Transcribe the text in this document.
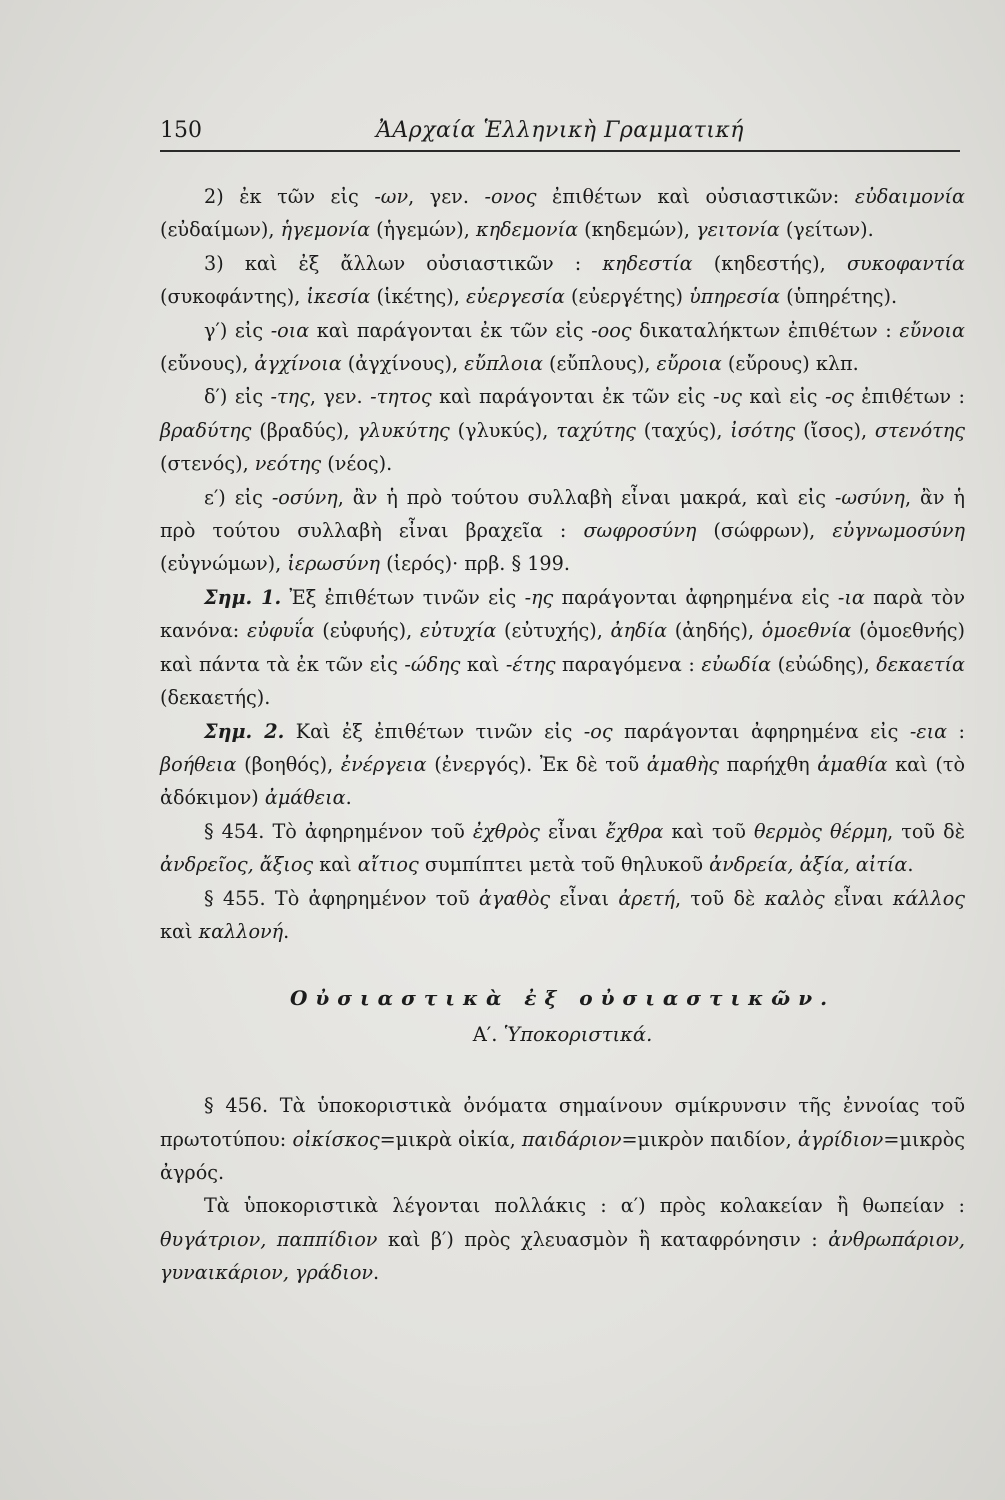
150	ἈΑρχαία Ἑλληνικὴ Γραμματική

2) ἐκ τῶν εἰς -ων, γεν. -ονος ἐπιθέτων καὶ οὐσιαστικῶν: εὐδαιμονία (εὐδαίμων), ἡγεμονία (ἡγεμών), κηδεμονία (κηδεμών), γειτονία (γείτων).

3) καὶ ἐξ ἄλλων οὐσιαστικῶν : κηδεστία (κηδεστής), συκοφαντία (συκοφάντης), ἱκεσία (ἱκέτης), εὐεργεσία (εὐεργέτης) ὑπηρεσία (ὑπηρέτης).

γ′) εἰς -οια καὶ παράγονται ἐκ τῶν εἰς -οος δικαταλήκτων ἐπιθέτων : εὔνοια (εὔνους), ἀγχίνοια (ἀγχίνους), εὔπλοια (εὔπλους), εὔροια (εὔρους) κλπ.

δ′) εἰς -της, γεν. -τητος καὶ παράγονται ἐκ τῶν εἰς -υς καὶ εἰς -ος ἐπιθέτων : βραδύτης (βραδύς), γλυκύτης (γλυκύς), ταχύτης (ταχύς), ἰσότης (ἴσος), στενότης (στενός), νεότης (νέος).

ε′) εἰς -οσύνη, ἂν ἡ πρὸ τούτου συλλαβὴ εἶναι μακρά, καὶ εἰς -ωσύνη, ἂν ἡ πρὸ τούτου συλλαβὴ εἶναι βραχεῖα : σωφροσύνη (σώφρων), εὐγνωμοσύνη (εὐγνώμων), ἱερωσύνη (ἱερός)· πρβ. § 199.

Σημ. 1. Ἐξ ἐπιθέτων τινῶν εἰς -ης παράγονται ἀφηρημένα εἰς -ια παρὰ τὸν κανόνα: εὐφυΐα (εὐφυής), εὐτυχία (εὐτυχής), ἀηδία (ἀηδής), ὁμοεθνία (ὁμοεθνής) καὶ πάντα τὰ ἐκ τῶν εἰς -ώδης καὶ -έτης παραγόμενα : εὐωδία (εὐώδης), δεκαετία (δεκαετής).

Σημ. 2. Καὶ ἐξ ἐπιθέτων τινῶν εἰς -ος παράγονται ἀφηρημένα εἰς -εια : βοήθεια (βοηθός), ἐνέργεια (ἐνεργός). Ἐκ δὲ τοῦ ἀμαθὴς παρήχθη ἀμαθία καὶ (τὸ ἀδόκιμον) ἀμάθεια.

§ 454. Τὸ ἀφηρημένον τοῦ ἐχθρὸς εἶναι ἔχθρα καὶ τοῦ θερμὸς θέρμη, τοῦ δὲ ἀνδρεῖος, ἄξιος καὶ αἴτιος συμπίπτει μετὰ τοῦ θηλυκοῦ ἀνδρεία, ἀξία, αἰτία.

§ 455. Τὸ ἀφηρημένον τοῦ ἀγαθὸς εἶναι ἀρετή, τοῦ δὲ καλὸς εἶναι κάλλος καὶ καλλονή.

Οὐσιαστικὰ ἐξ οὐσιαστικῶν.
Α′. Ὑποκοριστικά.

§ 456. Τὰ ὑποκοριστικὰ ὀνόματα σημαίνουν σμίκρυνσιν τῆς ἐννοίας τοῦ πρωτοτύπου: οἰκίσκος=μικρὰ οἰκία, παιδάριον=μικρὸν παιδίον, ἀγρίδιον=μικρὸς ἀγρός.

Τὰ ὑποκοριστικὰ λέγονται πολλάκις : α′) πρὸς κολακείαν ἢ θωπείαν : θυγάτριον, παππίδιον καὶ β′) πρὸς χλευασμὸν ἢ καταφρόνησιν : ἀνθρωπάριον, γυναικάριον, γράδιον.
